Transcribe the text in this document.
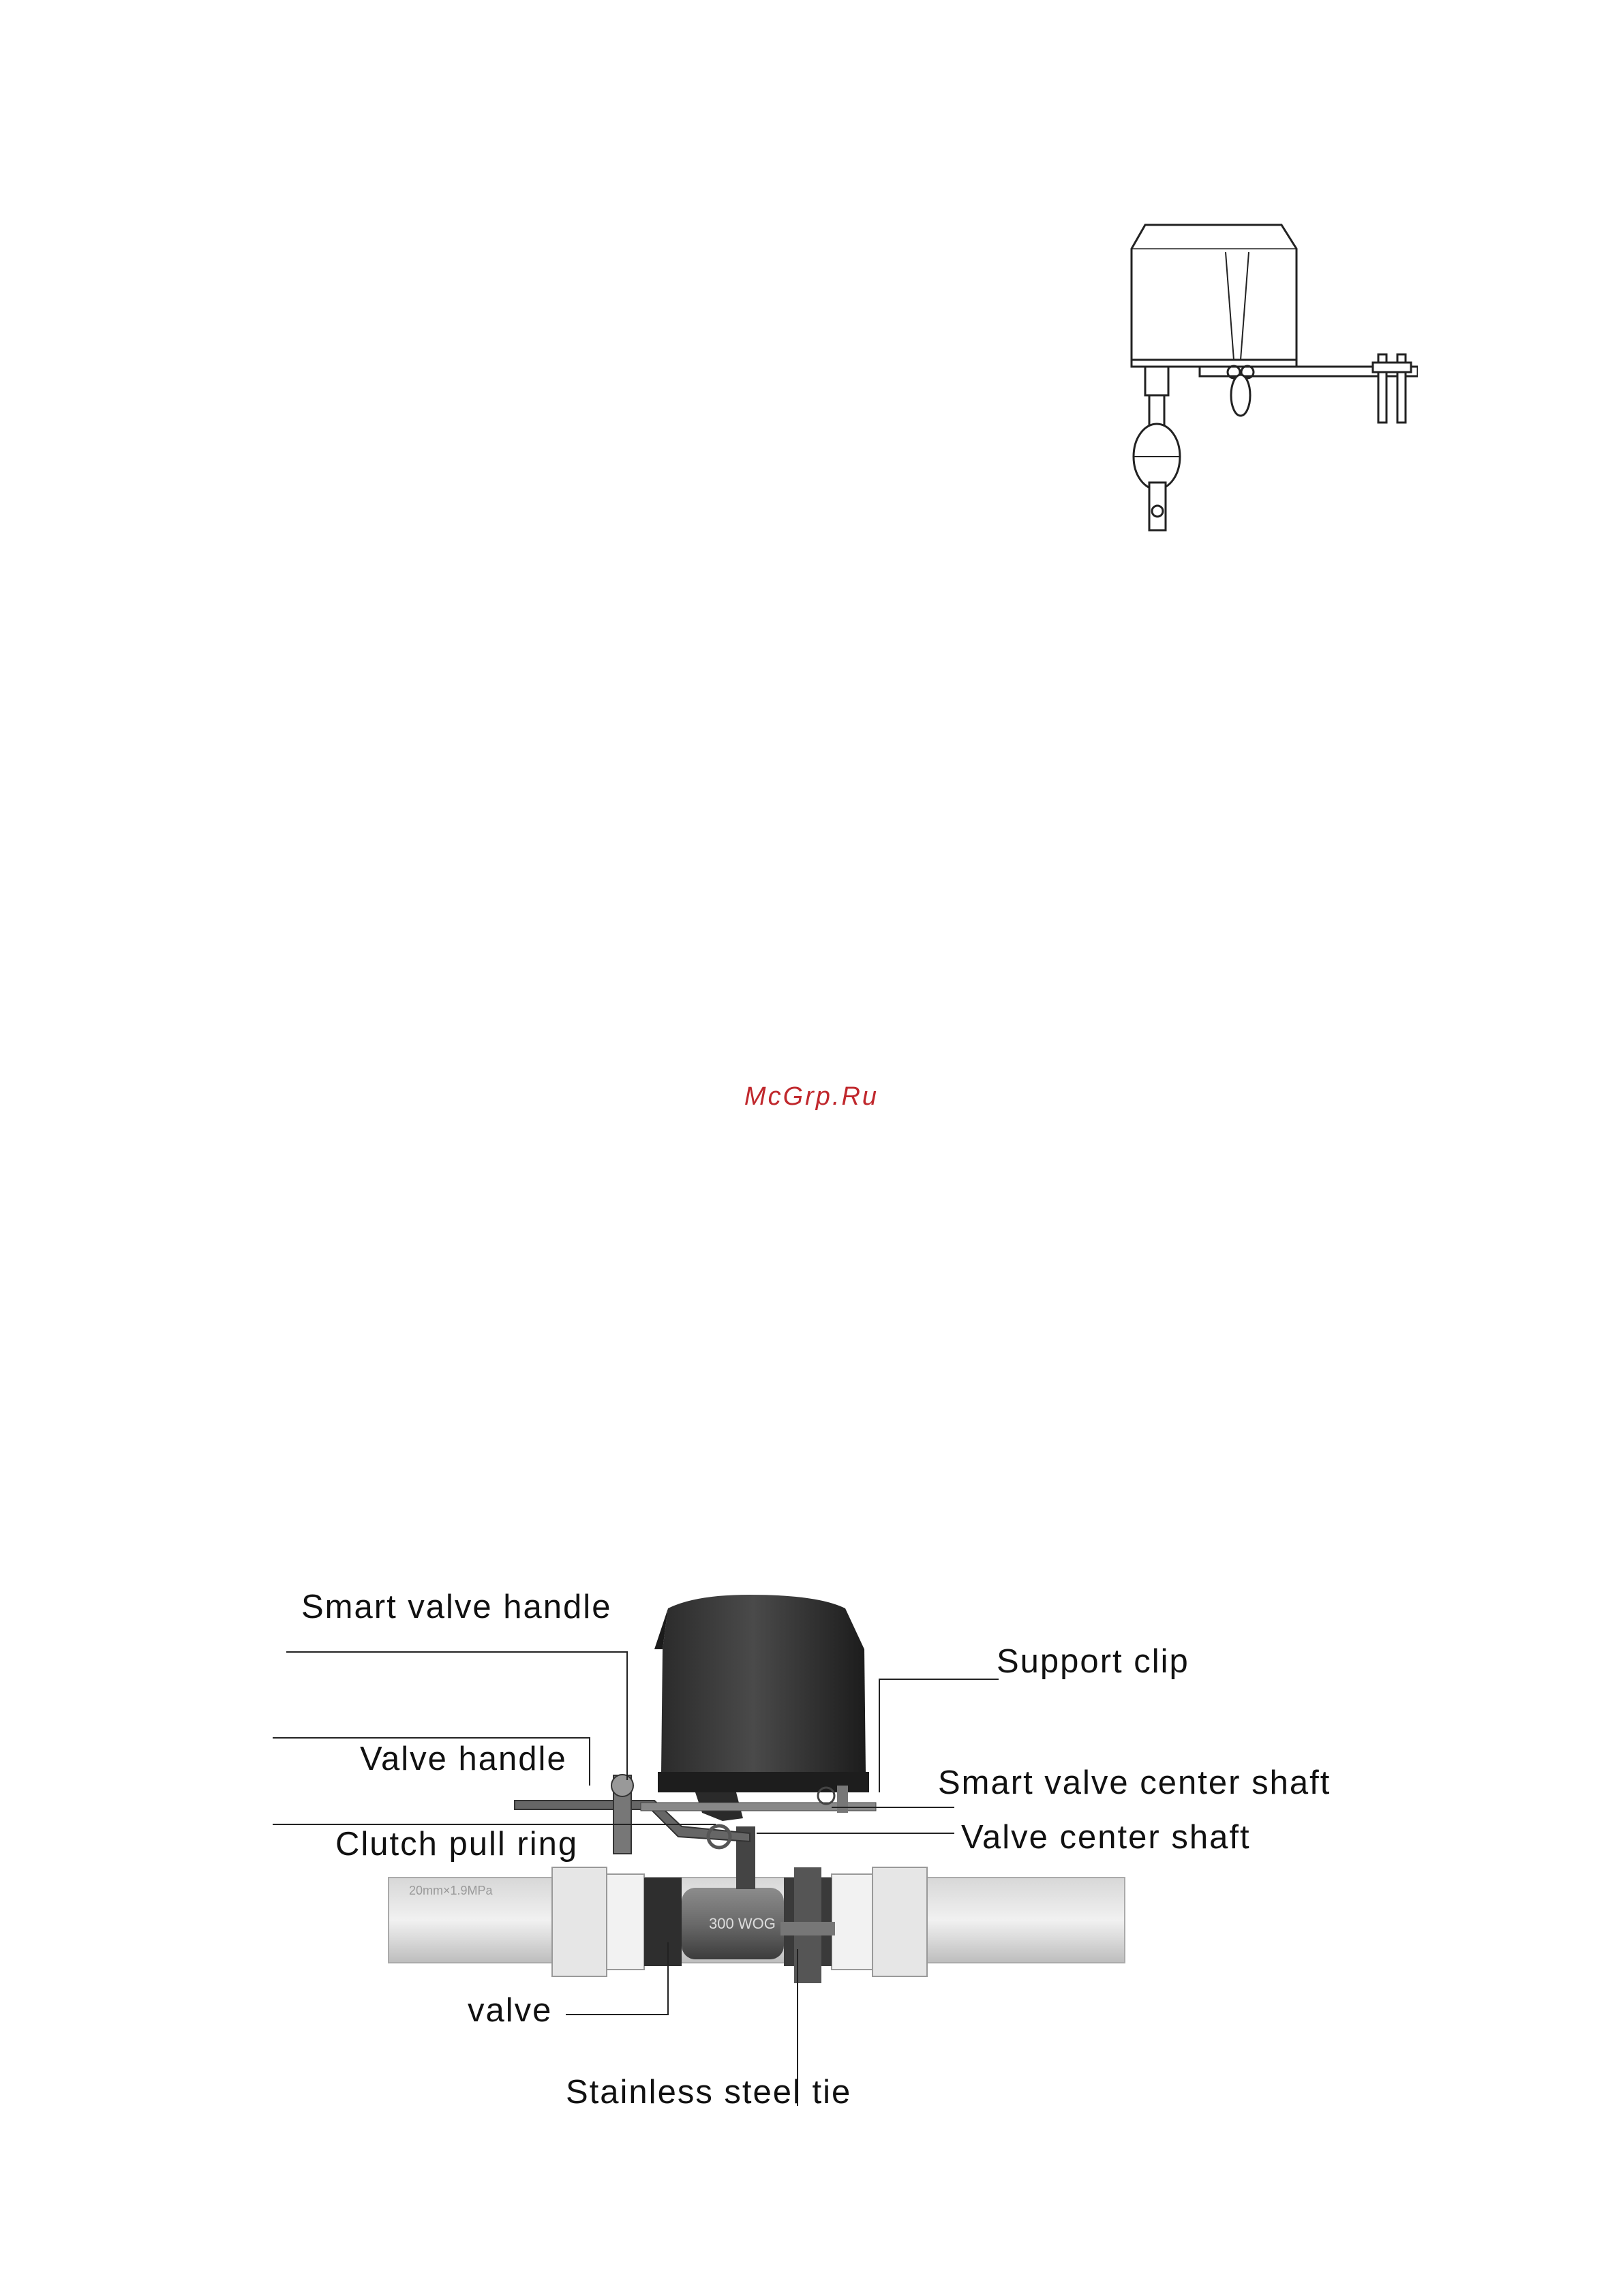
McGrp.Ru
20mm×1.9MPa
300 WOG
Smart valve handle
Support clip
Valve handle
Smart valve center shaft
Clutch pull ring	Valve center shaft
valve
Stainless steel tie
